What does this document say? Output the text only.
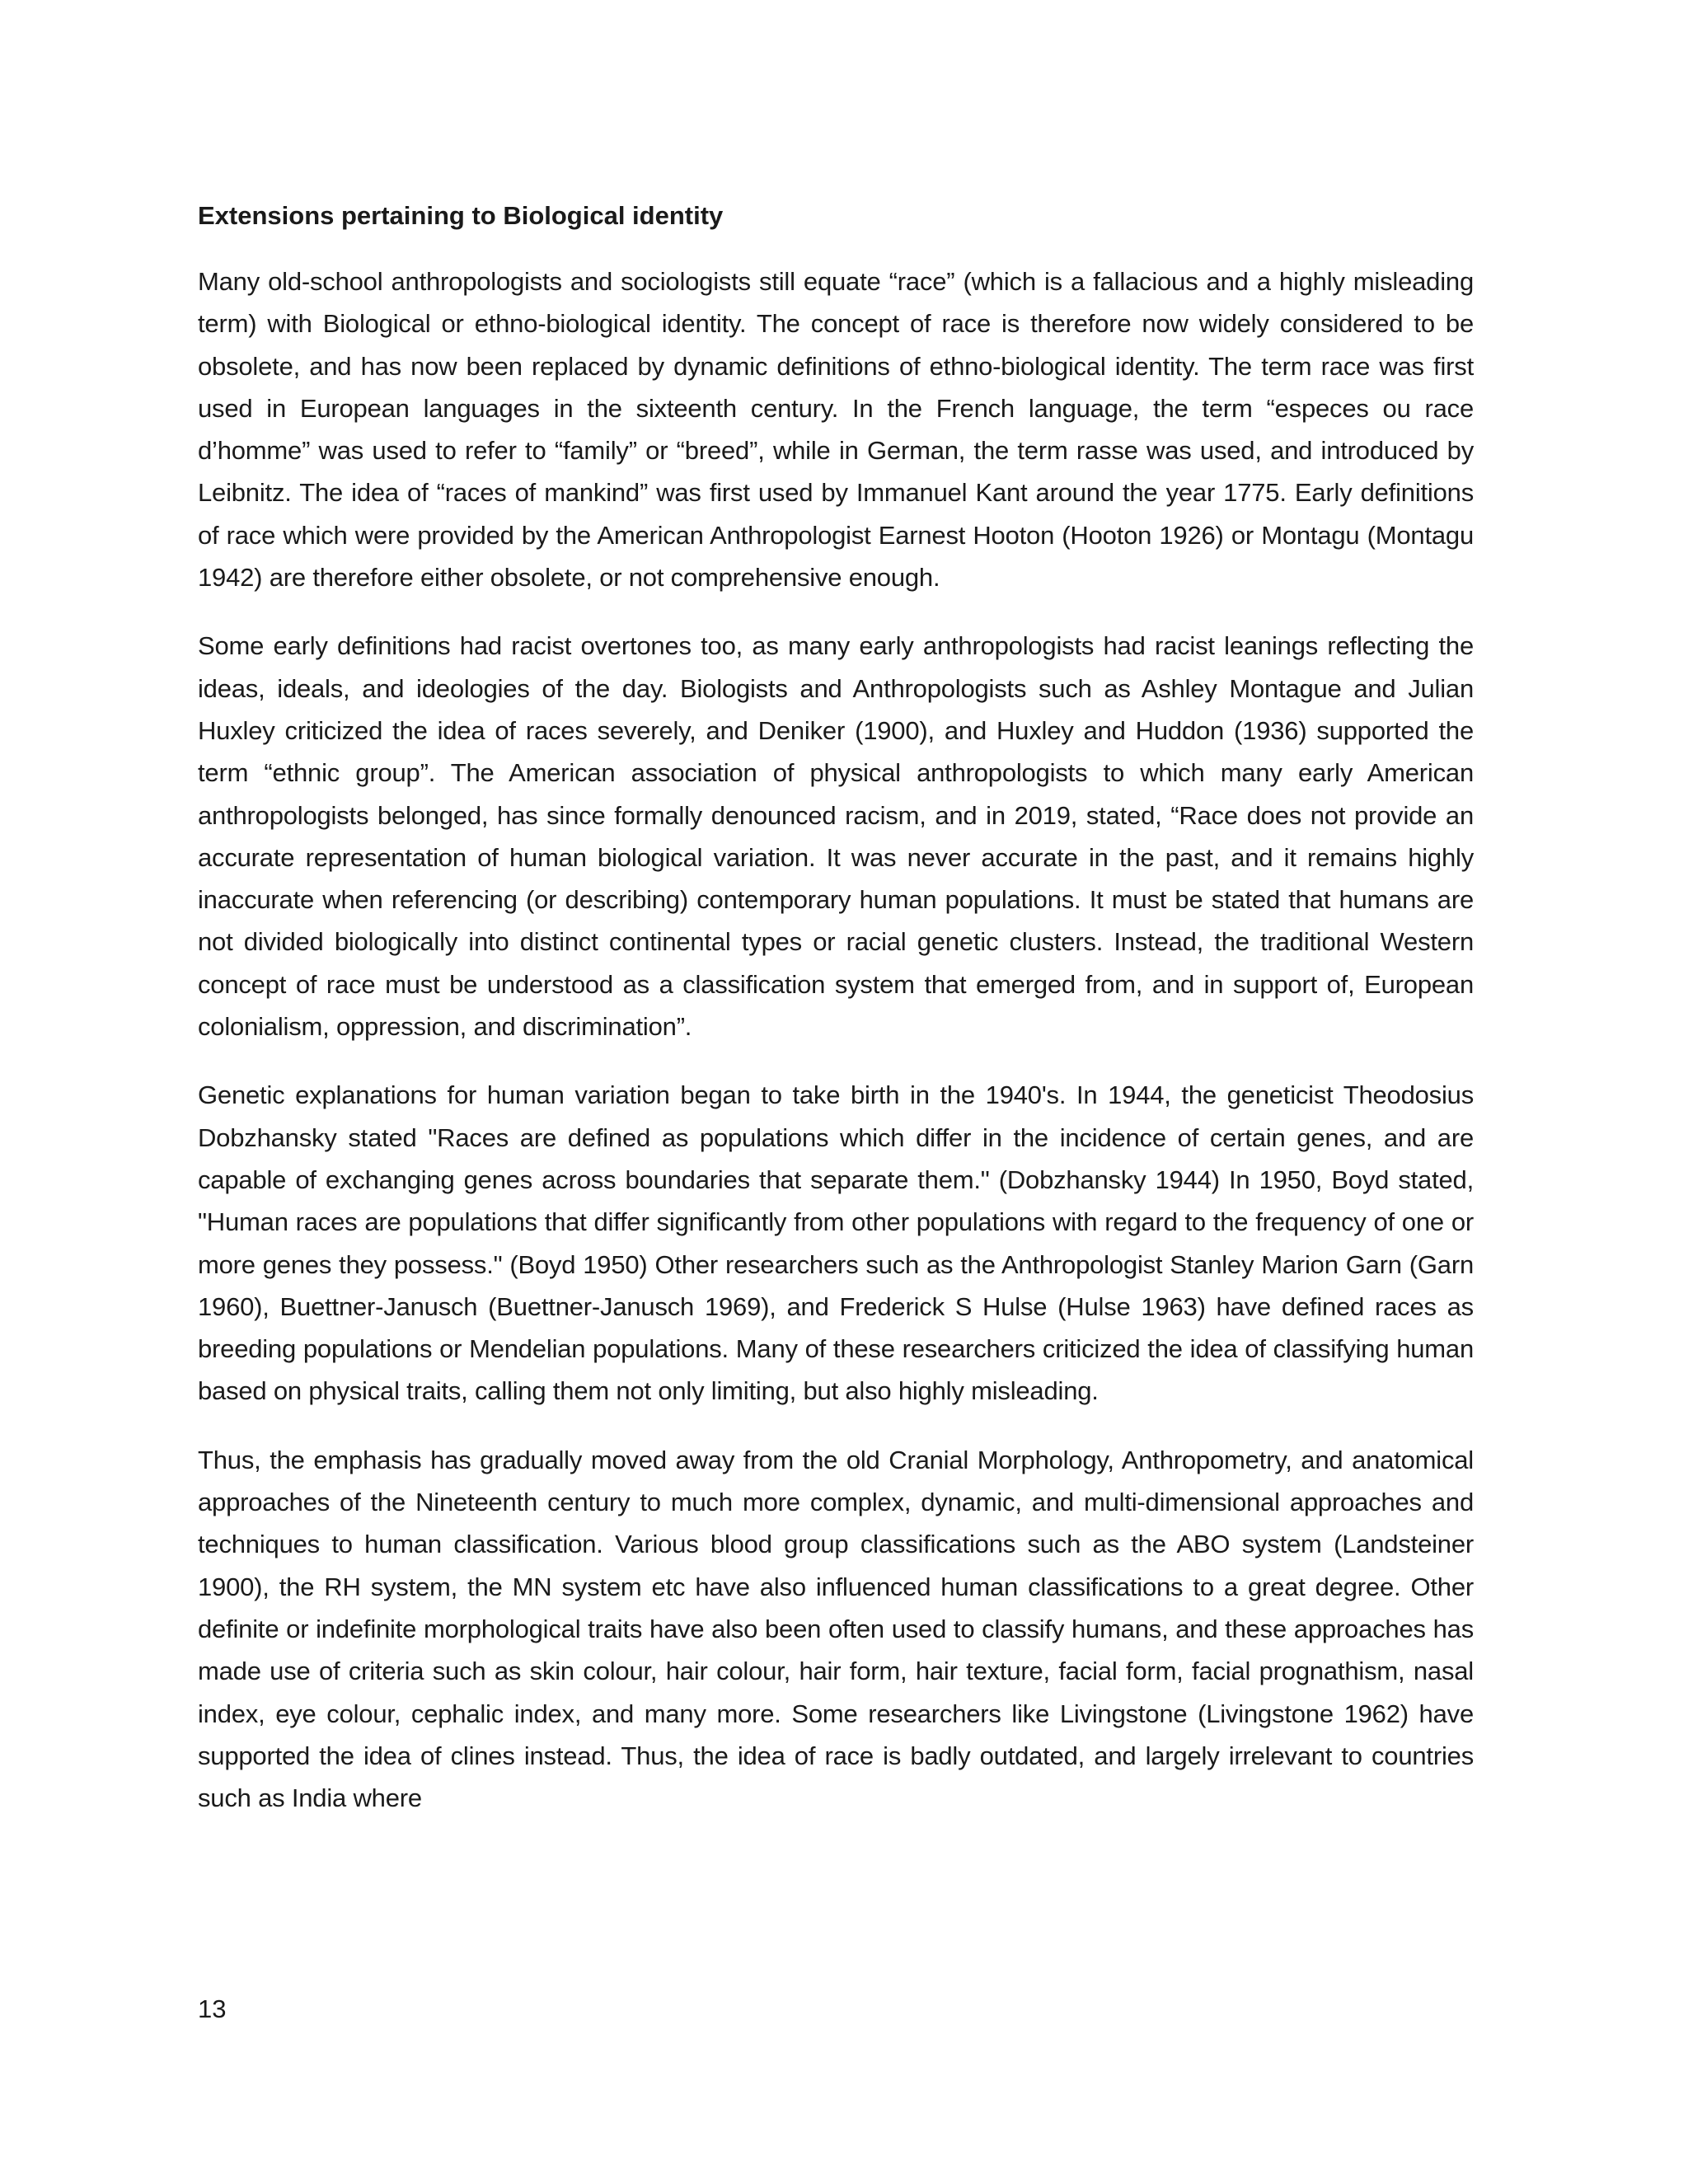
Extensions pertaining to Biological identity

Many old-school anthropologists and sociologists still equate “race” (which is a fallacious and a highly misleading term) with Biological or ethno-biological identity. The concept of race is therefore now widely considered to be obsolete, and has now been replaced by dynamic definitions of ethno-biological identity. The term race was first used in European languages in the sixteenth century. In the French language, the term “especes ou race d’homme” was used to refer to “family” or “breed”, while in German, the term rasse was used, and introduced by Leibnitz. The idea of “races of mankind” was first used by Immanuel Kant around the year 1775. Early definitions of race which were provided by the American Anthropologist Earnest Hooton (Hooton 1926) or Montagu (Montagu 1942) are therefore either obsolete, or not comprehensive enough.

Some early definitions had racist overtones too, as many early anthropologists had racist leanings reflecting the ideas, ideals, and ideologies of the day. Biologists and Anthropologists such as Ashley Montague and Julian Huxley criticized the idea of races severely, and Deniker (1900), and Huxley and Huddon (1936) supported the term “ethnic group”. The American association of physical anthropologists to which many early American anthropologists belonged, has since formally denounced racism, and in 2019, stated, “Race does not provide an accurate representation of human biological variation. It was never accurate in the past, and it remains highly inaccurate when referencing (or describing) contemporary human populations. It must be stated that humans are not divided biologically into distinct continental types or racial genetic clusters. Instead, the traditional Western concept of race must be understood as a classification system that emerged from, and in support of, European colonialism, oppression, and discrimination”.

Genetic explanations for human variation began to take birth in the 1940's. In 1944, the geneticist Theodosius Dobzhansky stated "Races are defined as populations which differ in the incidence of certain genes, and are capable of exchanging genes across boundaries that separate them." (Dobzhansky 1944) In 1950, Boyd stated, "Human races are populations that differ significantly from other populations with regard to the frequency of one or more genes they possess." (Boyd 1950) Other researchers such as the Anthropologist Stanley Marion Garn (Garn 1960), Buettner-Janusch (Buettner-Janusch 1969), and Frederick S Hulse (Hulse 1963) have defined races as breeding populations or Mendelian populations. Many of these researchers criticized the idea of classifying human based on physical traits, calling them not only limiting, but also highly misleading.

Thus, the emphasis has gradually moved away from the old Cranial Morphology, Anthropometry, and anatomical approaches of the Nineteenth century to much more complex, dynamic, and multi-dimensional approaches and techniques to human classification. Various blood group classifications such as the ABO system (Landsteiner 1900), the RH system, the MN system etc have also influenced human classifications to a great degree. Other definite or indefinite morphological traits have also been often used to classify humans, and these approaches has made use of criteria such as skin colour, hair colour, hair form, hair texture, facial form, facial prognathism, nasal index, eye colour, cephalic index, and many more. Some researchers like Livingstone (Livingstone 1962) have supported the idea of clines instead. Thus, the idea of race is badly outdated, and largely irrelevant to countries such as India where

13
